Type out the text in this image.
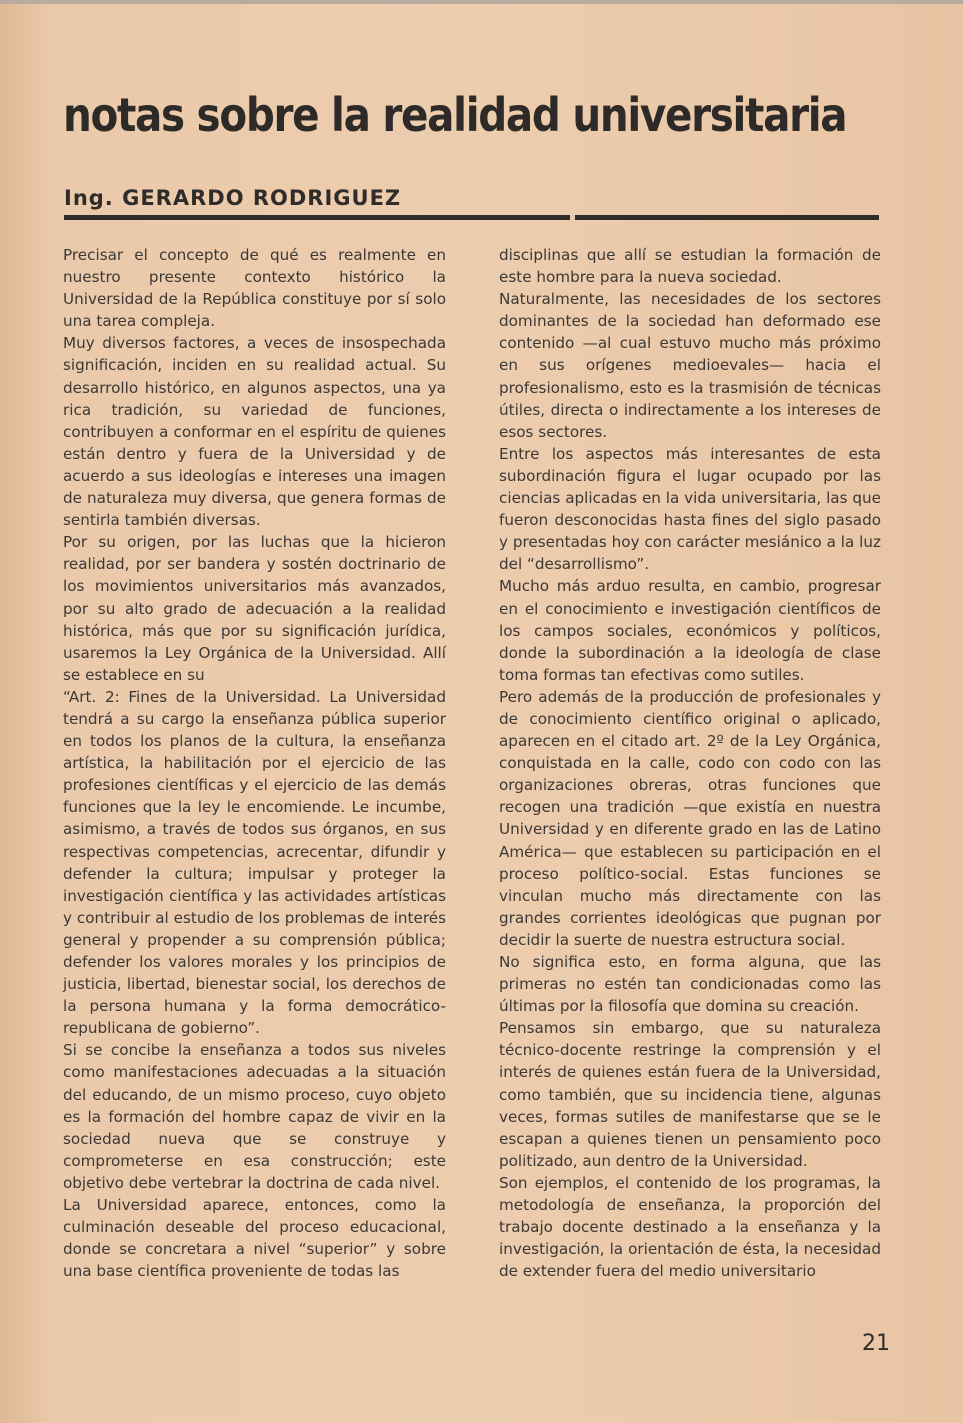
notas sobre la realidad universitaria
Ing. GERARDO RODRIGUEZ

Precisar el concepto de qué es realmente en nuestro presente contexto histórico la Universidad de la República constituye por sí solo una tarea compleja.

Muy diversos factores, a veces de insospechada significación, inciden en su realidad actual. Su desarrollo histórico, en algunos aspectos, una ya rica tradición, su variedad de funciones, contribuyen a conformar en el espíritu de quienes están dentro y fuera de la Universidad y de acuerdo a sus ideologías e intereses una imagen de naturaleza muy diversa, que genera formas de sentirla también diversas.

Por su origen, por las luchas que la hicieron realidad, por ser bandera y sostén doctrinario de los movimientos universitarios más avanzados, por su alto grado de adecuación a la realidad histórica, más que por su significación jurídica, usaremos la Ley Orgánica de la Universidad. Allí se establece en su

“Art. 2: Fines de la Universidad. La Universidad tendrá a su cargo la enseñanza pública superior en todos los planos de la cultura, la enseñanza artística, la habilitación por el ejercicio de las profesiones científicas y el ejercicio de las demás funciones que la ley le encomiende. Le incumbe, asimismo, a través de todos sus órganos, en sus respectivas competencias, acrecentar, difundir y defender la cultura; impulsar y proteger la investigación científica y las actividades artísticas y contribuir al estudio de los problemas de interés general y propender a su comprensión pública; defender los valores morales y los principios de justicia, libertad, bienestar social, los derechos de la persona humana y la forma democrático-republicana de gobierno”.

Si se concibe la enseñanza a todos sus niveles como manifestaciones adecuadas a la situación del educando, de un mismo proceso, cuyo objeto es la formación del hombre capaz de vivir en la sociedad nueva que se construye y comprometerse en esa construcción; este objetivo debe vertebrar la doctrina de cada nivel.

La Universidad aparece, entonces, como la culminación deseable del proceso educacional, donde se concretara a nivel “superior” y sobre una base científica proveniente de todas las

disciplinas que allí se estudian la formación de este hombre para la nueva sociedad.

Naturalmente, las necesidades de los sectores dominantes de la sociedad han deformado ese contenido —al cual estuvo mucho más próximo en sus orígenes medioevales— hacia el profesionalismo, esto es la trasmisión de técnicas útiles, directa o indirectamente a los intereses de esos sectores.

Entre los aspectos más interesantes de esta subordinación figura el lugar ocupado por las ciencias aplicadas en la vida universitaria, las que fueron desconocidas hasta fines del siglo pasado y presentadas hoy con carácter mesiánico a la luz del “desarrollismo”.

Mucho más arduo resulta, en cambio, progresar en el conocimiento e investigación científicos de los campos sociales, económicos y políticos, donde la subordinación a la ideología de clase toma formas tan efectivas como sutiles.

Pero además de la producción de profesionales y de conocimiento científico original o aplicado, aparecen en el citado art. 2º de la Ley Orgánica, conquistada en la calle, codo con codo con las organizaciones obreras, otras funciones que recogen una tradición —que existía en nuestra Universidad y en diferente grado en las de Latino América— que establecen su participación en el proceso político-social. Estas funciones se vinculan mucho más directamente con las grandes corrientes ideológicas que pugnan por decidir la suerte de nuestra estructura social.

No significa esto, en forma alguna, que las primeras no estén tan condicionadas como las últimas por la filosofía que domina su creación.

Pensamos sin embargo, que su naturaleza técnico-docente restringe la comprensión y el interés de quienes están fuera de la Universidad, como también, que su incidencia tiene, algunas veces, formas sutiles de manifestarse que se le escapan a quienes tienen un pensamiento poco politizado, aun dentro de la Universidad.

Son ejemplos, el contenido de los programas, la metodología de enseñanza, la proporción del trabajo docente destinado a la enseñanza y la investigación, la orientación de ésta, la necesidad de extender fuera del medio universitario

21
